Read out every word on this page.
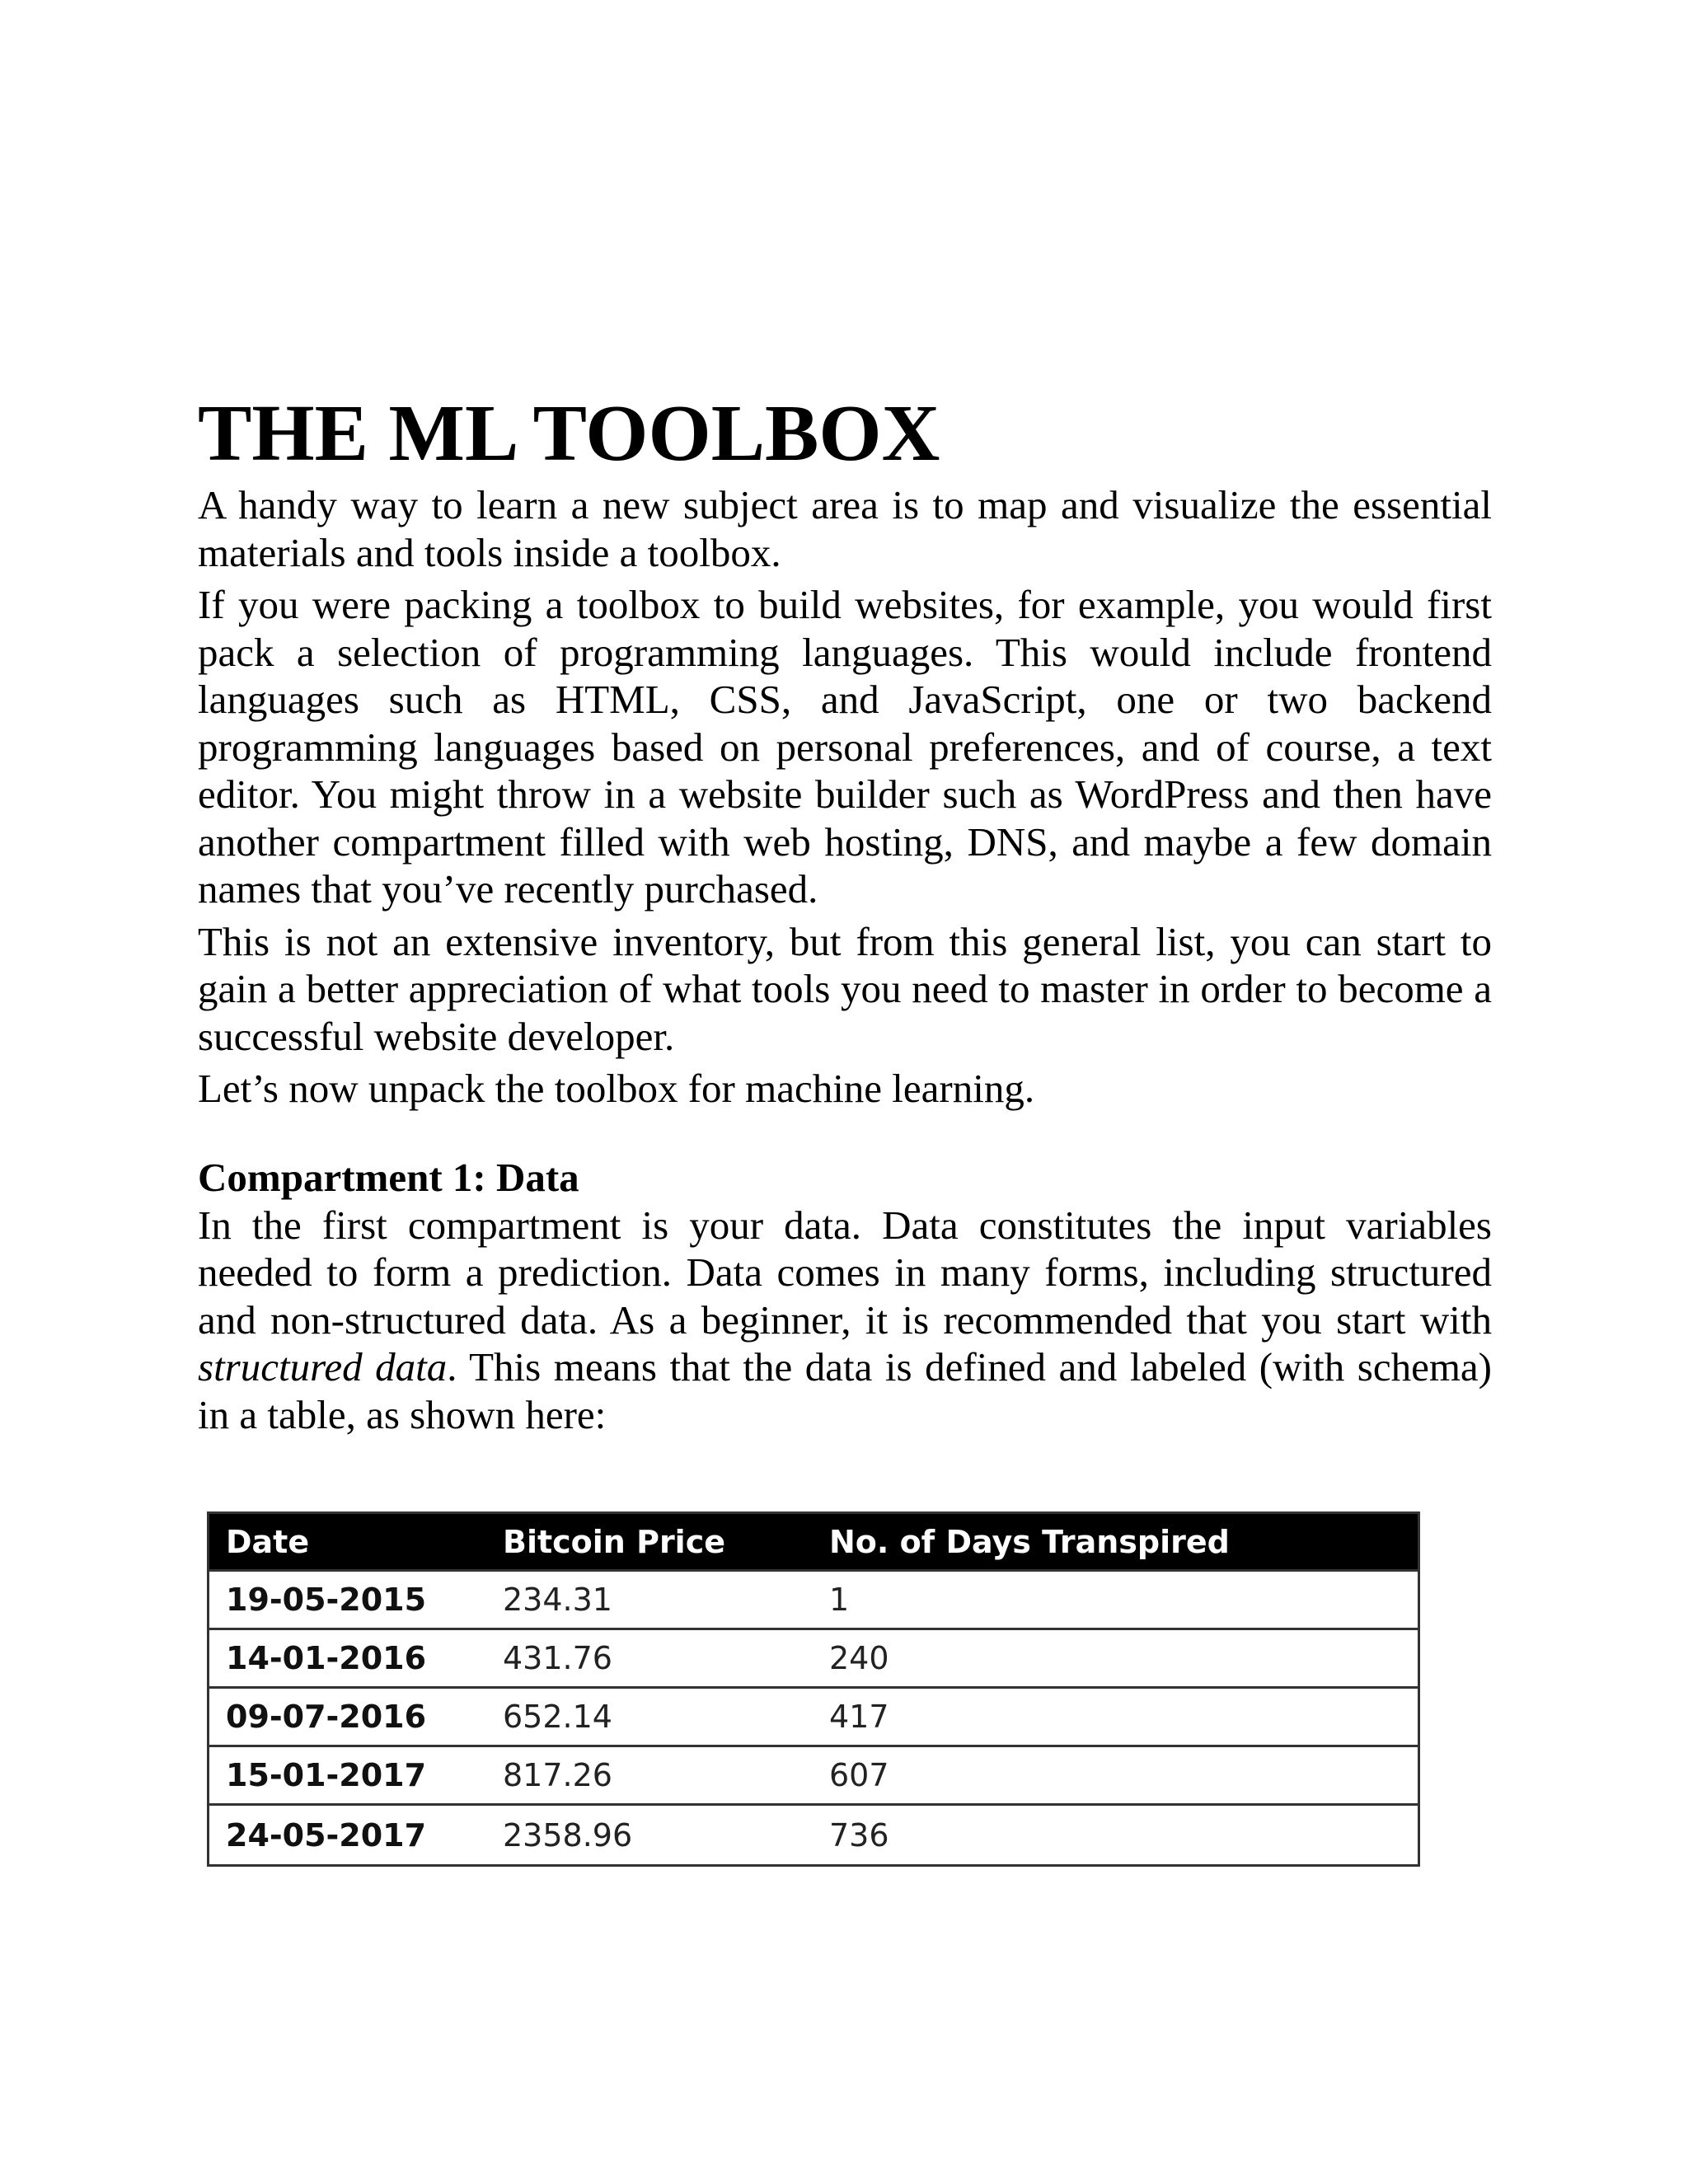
THE ML TOOLBOX

A handy way to learn a new subject area is to map and visualize the essential materials and tools inside a toolbox.

If you were packing a toolbox to build websites, for example, you would first pack a selection of programming languages. This would include frontend languages such as HTML, CSS, and JavaScript, one or two backend programming languages based on personal preferences, and of course, a text editor. You might throw in a website builder such as WordPress and then have another compartment filled with web hosting, DNS, and maybe a few domain names that you’ve recently purchased.

This is not an extensive inventory, but from this general list, you can start to gain a better appreciation of what tools you need to master in order to become a successful website developer.

Let’s now unpack the toolbox for machine learning.

Compartment 1: Data

In the first compartment is your data. Data constitutes the input variables needed to form a prediction. Data comes in many forms, including structured and non-structured data. As a beginner, it is recommended that you start with structured data. This means that the data is defined and labeled (with schema) in a table, as shown here:

Date	Bitcoin Price	No. of Days Transpired
19-05-2015	234.31	1
14-01-2016	431.76	240
09-07-2016	652.14	417
15-01-2017	817.26	607
24-05-2017	2358.96	736
